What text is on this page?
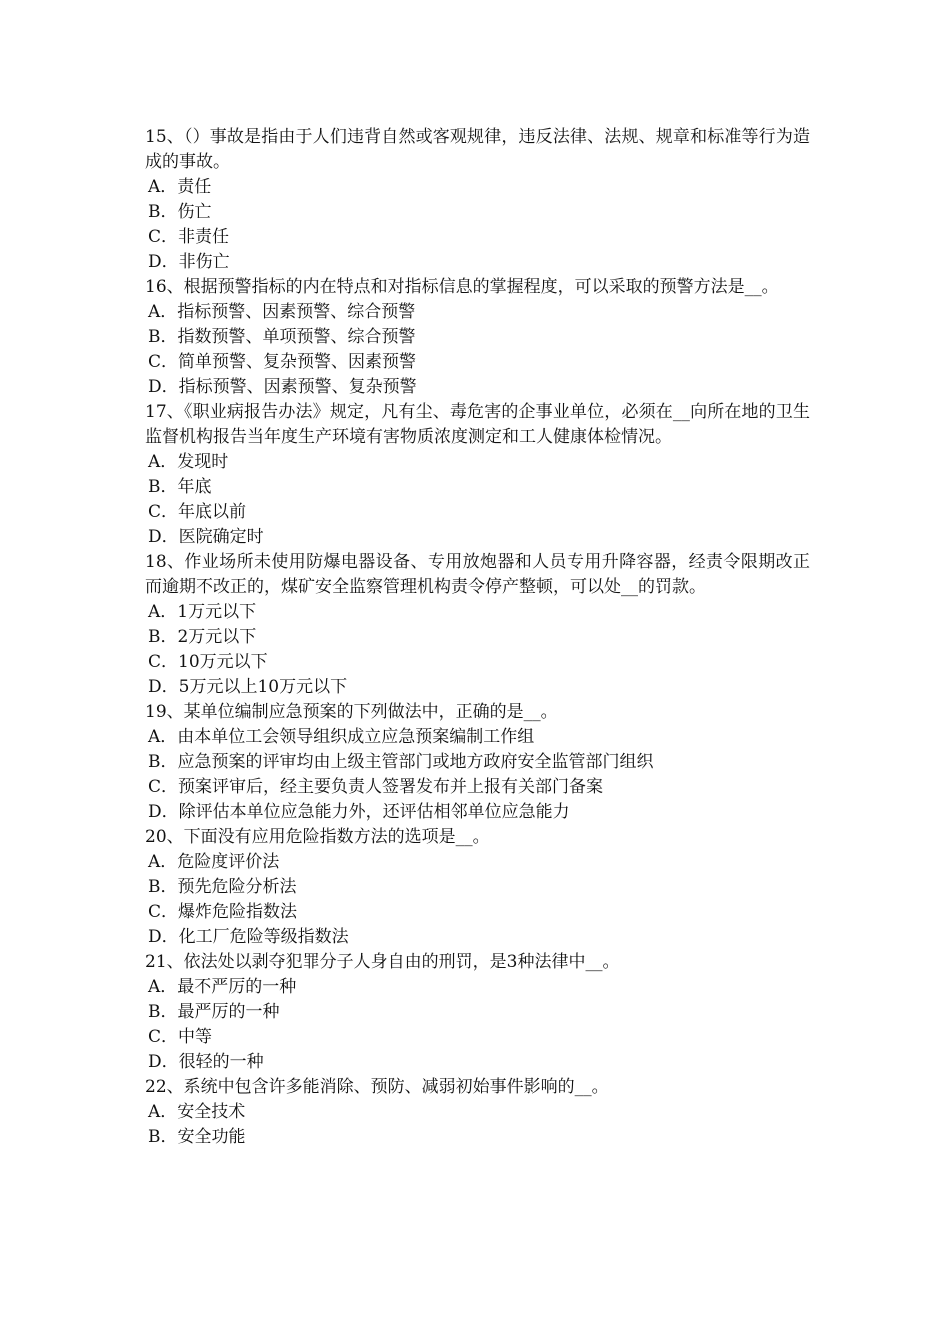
15、（）事故是指由于人们违背自然或客观规律，违反法律、法规、规章和标准等行为造成的事故。

A．责任
B．伤亡
C．非责任
D．非伤亡

16、根据预警指标的内在特点和对指标信息的掌握程度，可以采取的预警方法是__。

A．指标预警、因素预警、综合预警
B．指数预警、单项预警、综合预警
C．简单预警、复杂预警、因素预警
D．指标预警、因素预警、复杂预警

17、《职业病报告办法》规定，凡有尘、毒危害的企事业单位，必须在__向所在地的卫生监督机构报告当年度生产环境有害物质浓度测定和工人健康体检情况。

A．发现时
B．年底
C．年底以前
D．医院确定时

18、作业场所未使用防爆电器设备、专用放炮器和人员专用升降容器，经责令限期改正而逾期不改正的，煤矿安全监察管理机构责令停产整顿，可以处__的罚款。

A．1万元以下
B．2万元以下
C．10万元以下
D．5万元以上10万元以下

19、某单位编制应急预案的下列做法中，正确的是__。

A．由本单位工会领导组织成立应急预案编制工作组
B．应急预案的评审均由上级主管部门或地方政府安全监管部门组织
C．预案评审后，经主要负责人签署发布并上报有关部门备案
D．除评估本单位应急能力外，还评估相邻单位应急能力

20、下面没有应用危险指数方法的选项是__。

A．危险度评价法
B．预先危险分析法
C．爆炸危险指数法
D．化工厂危险等级指数法

21、依法处以剥夺犯罪分子人身自由的刑罚，是3种法律中__。

A．最不严厉的一种
B．最严厉的一种
C．中等
D．很轻的一种

22、系统中包含许多能消除、预防、减弱初始事件影响的__。

A．安全技术
B．安全功能
